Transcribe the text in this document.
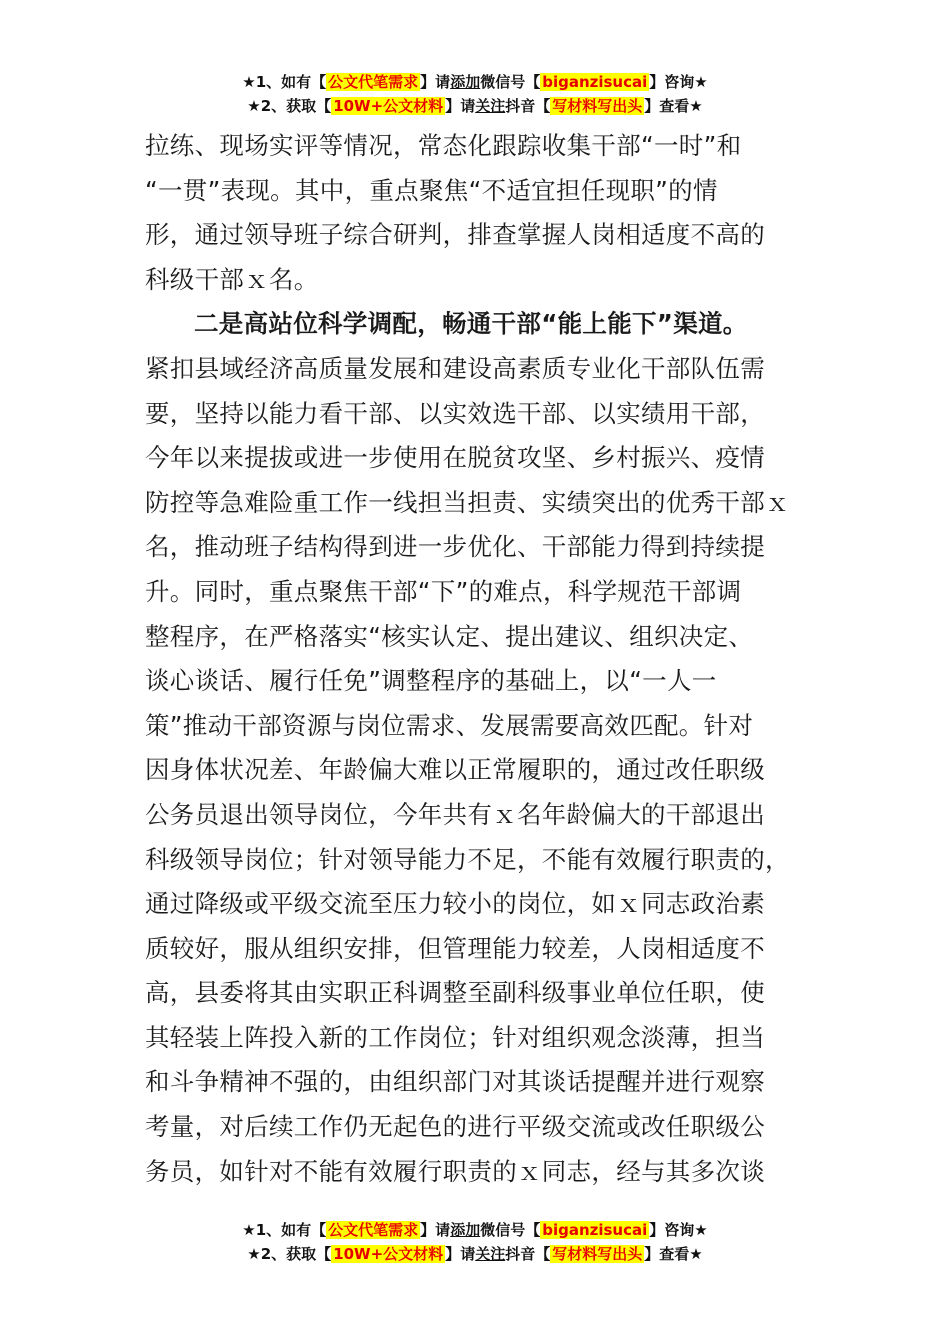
★1、如有【 公文代笔需求 】请添加微信号【 biganzisucai 】咨询★
★2、获取【 10W+公文材料 】请关注抖音【 写材料写出头 】查看★
拉练、现场实评等情况，常态化跟踪收集干部“一时”和
“一贯”表现。其中，重点聚焦“不适宜担任现职”的情
形，通过领导班子综合研判，排查掌握人岗相适度不高的
科级干部ｘ名。
二是高站位科学调配，畅通干部“能上能下”渠道。
紧扣县域经济高质量发展和建设高素质专业化干部队伍需
要，坚持以能力看干部、以实效选干部、以实绩用干部，
今年以来提拔或进一步使用在脱贫攻坚、乡村振兴、疫情
防控等急难险重工作一线担当担责、实绩突出的优秀干部ｘ
名，推动班子结构得到进一步优化、干部能力得到持续提
升。同时，重点聚焦干部“下”的难点，科学规范干部调
整程序，在严格落实“核实认定、提出建议、组织决定、
谈心谈话、履行任免”调整程序的基础上，以“一人一
策”推动干部资源与岗位需求、发展需要高效匹配。针对
因身体状况差、年龄偏大难以正常履职的，通过改任职级
公务员退出领导岗位，今年共有ｘ名年龄偏大的干部退出
科级领导岗位；针对领导能力不足，不能有效履行职责的，
通过降级或平级交流至压力较小的岗位，如ｘ同志政治素
质较好，服从组织安排，但管理能力较差，人岗相适度不
高，县委将其由实职正科调整至副科级事业单位任职，使
其轻装上阵投入新的工作岗位；针对组织观念淡薄，担当
和斗争精神不强的，由组织部门对其谈话提醒并进行观察
考量，对后续工作仍无起色的进行平级交流或改任职级公
务员，如针对不能有效履行职责的ｘ同志，经与其多次谈
★1、如有【 公文代笔需求 】请添加微信号【 biganzisucai 】咨询★
★2、获取【 10W+公文材料 】请关注抖音【 写材料写出头 】查看★
